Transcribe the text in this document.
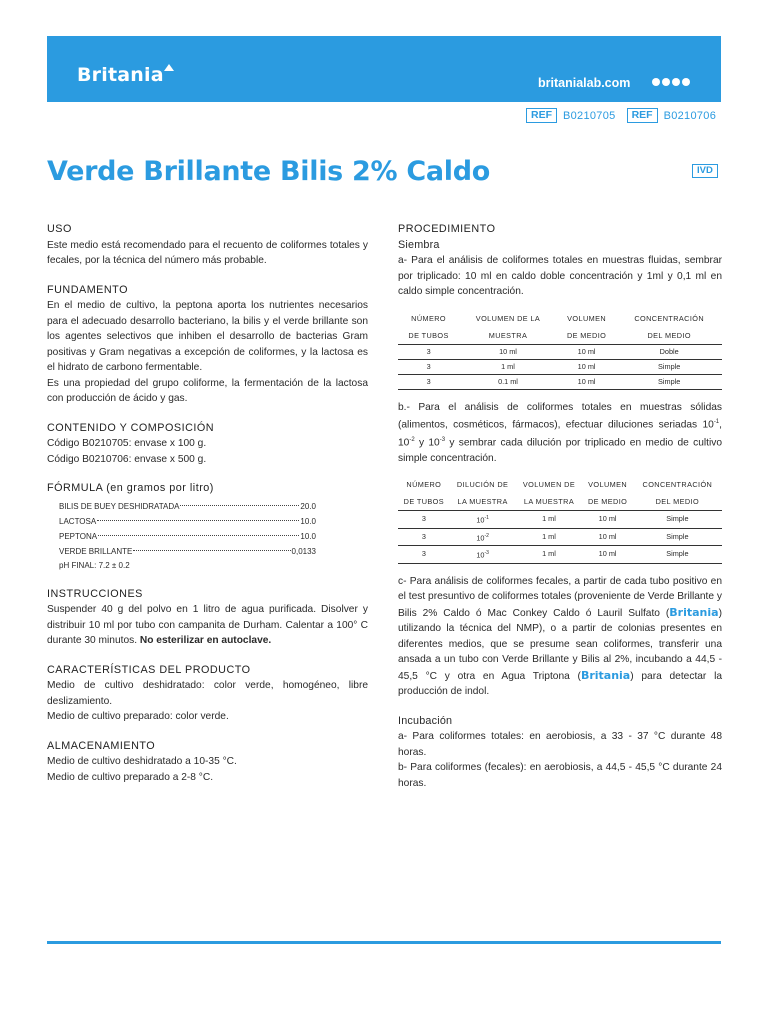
Britania	britanialab.com
REF	B0210705	REF	B0210706
Verde Brillante Bilis 2% Caldo	IVD
USO
Este medio está recomendado para el recuento de coliformes totales y fecales, por la técnica del número más probable.
FUNDAMENTO
En el medio de cultivo, la peptona aporta los nutrientes necesarios para el adecuado desarrollo bacteriano, la bilis y el verde brillante son los agentes selectivos que inhiben el desarrollo de bacterias Gram positivas y Gram negativas a excepción de coliformes, y la lactosa es el hidrato de carbono fermentable.
Es una propiedad del grupo coliforme, la fermentación de la lactosa con producción de ácido y gas.
CONTENIDO Y COMPOSICIÓN
Código B0210705: envase x 100 g.
Código B0210706: envase x 500 g.
FÓRMULA (en gramos por litro)
BILIS DE BUEY DESHIDRATADA	20.0
LACTOSA	10.0
PEPTONA	10.0
VERDE BRILLANTE	0,0133
pH FINAL: 7.2 ± 0.2
INSTRUCCIONES
Suspender 40 g del polvo en 1 litro de agua purificada. Disolver y distribuir 10 ml por tubo con campanita de Durham. Calentar a 100° C durante 30 minutos. No esterilizar en autoclave.
CARACTERÍSTICAS DEL PRODUCTO
Medio de cultivo deshidratado: color verde, homogéneo, libre deslizamiento.
Medio de cultivo preparado: color verde.
ALMACENAMIENTO
Medio de cultivo deshidratado a 10-35 °C.
Medio de cultivo preparado a 2-8 °C.
PROCEDIMIENTO
Siembra
a- Para el análisis de coliformes totales en muestras fluidas, sembrar por triplicado: 10 ml en caldo doble concentración y 1ml y 0,1 ml en caldo simple concentración.
NÚMERO	VOLUMEN DE LA	VOLUMEN	CONCENTRACIÓN
DE TUBOS	MUESTRA	DE MEDIO	DEL MEDIO
3	10 ml	10 ml	Doble
3	1 ml	10 ml	Simple
3	0.1 ml	10 ml	Simple
b.- Para el análisis de coliformes totales en muestras sólidas (alimentos, cosméticos, fármacos), efectuar diluciones seriadas $10^{-1}$, $10^{-2}$ y $10^{-3}$ y sembrar cada dilución por triplicado en medio de cultivo simple concentración.
NÚMERO	DILUCIÓN DE	VOLUMEN DE	VOLUMEN	CONCENTRACIÓN
DE TUBOS	LA MUESTRA	LA MUESTRA	DE MEDIO	DEL MEDIO
3	$10^{-1}$	1 ml	10 ml	Simple
3	$10^{-2}$	1 ml	10 ml	Simple
3	$10^{-3}$	1 ml	10 ml	Simple
c- Para análisis de coliformes fecales, a partir de cada tubo positivo en el test presuntivo de coliformes totales (proveniente de Verde Brillante y Bilis 2% Caldo ó Mac Conkey Caldo ó Lauril Sulfato (Britania) utilizando la técnica del NMP), o a partir de colonias presentes en diferentes medios, que se presume sean coliformes, transferir una ansada a un tubo con Verde Brillante y Bilis al 2%, incubando a 44,5 - 45,5 °C y otra en Agua Triptona (Britania) para detectar la producción de indol.
Incubación
a- Para coliformes totales: en aerobiosis, a 33 - 37 °C durante 48 horas.
b- Para coliformes (fecales): en aerobiosis, a 44,5 - 45,5 °C durante 24 horas.
